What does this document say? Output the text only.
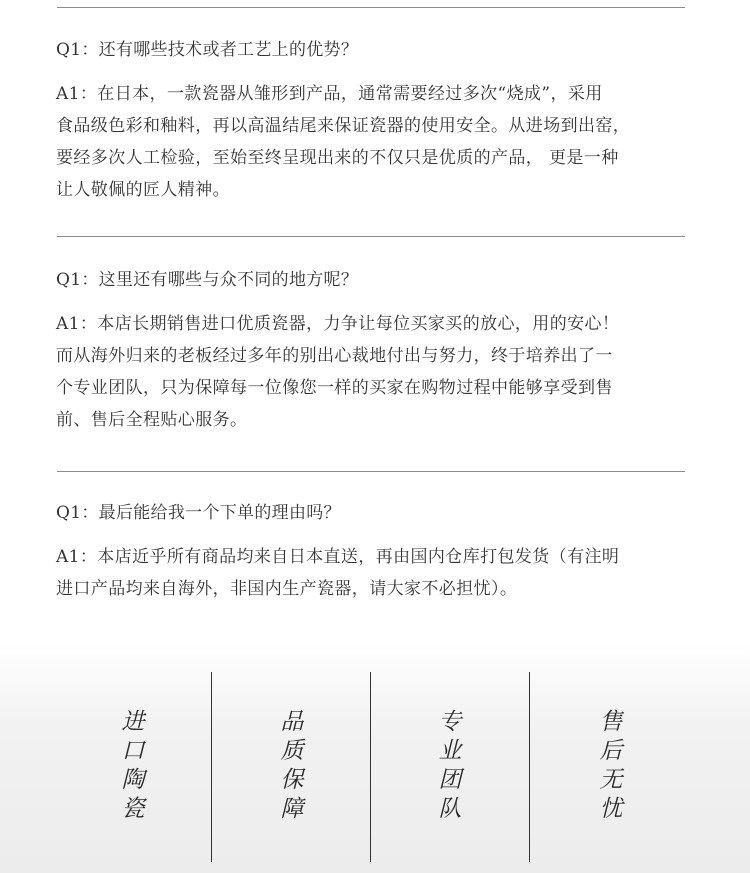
Q1：还有哪些技术或者工艺上的优势？

A1：在日本，一款瓷器从雏形到产品，通常需要经过多次“烧成”，采用

食品级色彩和釉料，再以高温结尾来保证瓷器的使用安全。从进场到出窑，

要经多次人工检验，至始至终呈现出来的不仅只是优质的产品， 更是一种

让人敬佩的匠人精神。

Q1：这里还有哪些与众不同的地方呢？

A1：本店长期销售进口优质瓷器，力争让每位买家买的放心，用的安心！

而从海外归来的老板经过多年的别出心裁地付出与努力，终于培养出了一

个专业团队，只为保障每一位像您一样的买家在购物过程中能够享受到售

前、售后全程贴心服务。

Q1：最后能给我一个下单的理由吗？

A1：本店近乎所有商品均来自日本直送，再由国内仓库打包发货（有注明

进口产品均来自海外，非国内生产瓷器，请大家不必担忧）。

进
口
陶
瓷
品
质
保
障
专
业
团
队
售
后
无
忧
